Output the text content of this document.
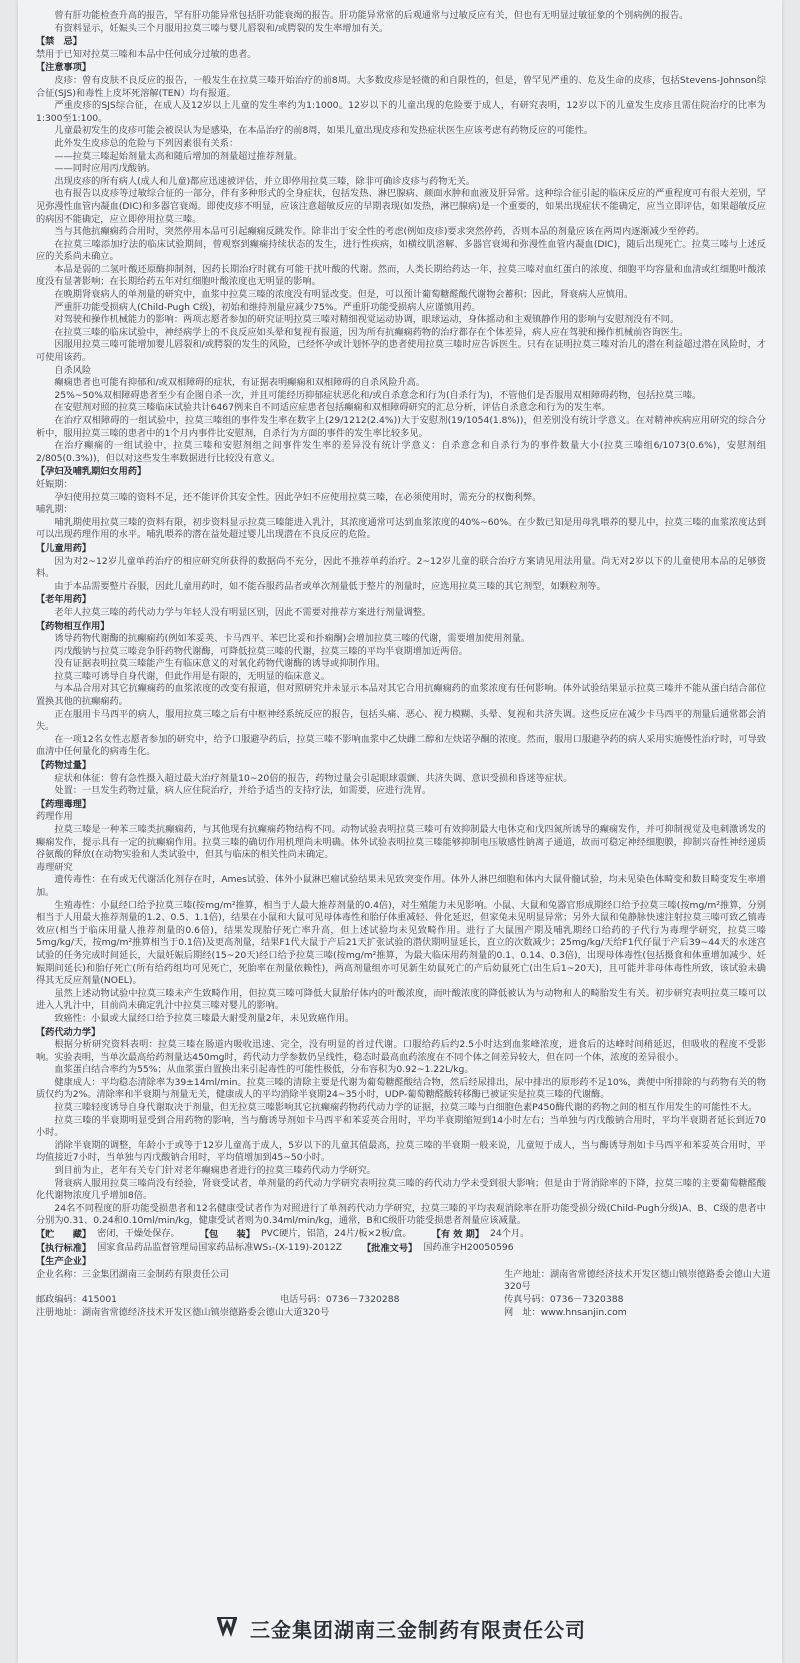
曾有肝功能检查升高的报告，罕有肝功能异常包括肝功能衰竭的报告。肝功能异常常的后观通常与过敏反应有关，但也有无明显过敏征象的个别病例的报告。

有资料显示，妊娠头三个月服用拉莫三嗪与婴儿唇裂和/或腭裂的发生率增加有关。

【禁　忌】

禁用于已知对拉莫三嗪和本品中任何成分过敏的患者。

【注意事项】

皮疹：曾有皮肤不良反应的报告，一般发生在拉莫三嗪开始治疗的前8周。大多数皮疹是轻微的和自限性的，但是，曾罕见严重的、危及生命的皮疹，包括Stevens-Johnson综合征(SJS)和毒性上皮坏死溶解(TEN）均有报道。

严重皮疹的SJS综合征，在成人及12岁以上儿童的发生率约为1:1000。12岁以下的儿童出现的危险要于成人，有研究表明，12岁以下的儿童发生皮疹且需住院治疗的比率为1:300至1:100。

儿童最初发生的皮疹可能会被误认为是感染，在本品治疗的前8周，如果儿童出现皮疹和发热症状医生应该考虑有药物反应的可能性。

此外发生皮疹总的危险与下列因素很有关系：

——拉莫三嗪起始剂量太高和随后增加的剂量超过推荐剂量。

——同时应用丙戊酸钠。

出现皮疹的所有病人(成人和儿童)都应迅速被评估，并立即停用拉莫三嗪，除非可确诊皮疹与药物无关。

也有报告以皮疹等过敏综合征的一部分，伴有多种形式的全身症状，包括发热、淋巴腺病、颜面水肿和血液及肝异常。这种综合征引起的临床反应的严重程度可有很大差别，罕见弥漫性血管内凝血(DIC)和多器官衰竭。即使皮疹不明显，应该注意超敏反应的早期表现(如发热，淋巴腺病)是一个重要的，如果出现症状不能确定，应当立即评估，如果超敏反应的病因不能确定，应立即停用拉莫三嗪。

当与其他抗癫痫药合用时，突然停用本品可引起癫痫反跳发作。除非出于安全性的考虑(例如皮疹)要求突然停药，否则本品的剂量应该在两周内逐渐减少至停药。

在拉莫三嗪添加疗法的临床试验期间，曾观察到癫痫持续状态的发生，进行性疾病，如横纹肌溶解、多器官衰竭和弥漫性血管内凝血(DIC)，随后出现死亡。拉莫三嗪与上述反应的关系尚未确立。

本品是弱的二氢叶酸还原酶抑制剂，因药长期治疗时就有可能干扰叶酸的代谢。然而，人类长期给药达一年，拉莫三嗪对血红蛋白的浓度、细胞平均容量和血清或红细胞叶酸浓度没有显著影响；在长期给药五年对红细胞叶酸浓度也无明显的影响。

在晚期肾衰病人的单剂量的研究中，血浆中拉莫三嗪的浓度没有明显改变。但是，可以预计葡萄糖醛酸代谢物会蓄积；因此，肾衰病人应慎用。

严重肝功能受损病人(Child-Pugh C级)，初始和维持剂量应减少75%。严重肝功能受损病人应谨慎用药。

对驾驶和操作机械能力的影响：两项志愿者参加的研究证明拉莫三嗪对精细视觉运动协调，眼球运动，身体摇动和主观镇静作用的影响与安慰剂没有不同。

在拉莫三嗪的临床试验中，神经病学上的不良反应如头晕和复视有报道，因为所有抗癫痫药物的治疗都存在个体差异，病人应在驾驶和操作机械前咨询医生。

因服用拉莫三嗪可能增加婴儿唇裂和/或腭裂的发生的风险，已经怀孕或计划怀孕的患者使用拉莫三嗪时应告诉医生。只有在证明拉莫三嗪对治儿的潜在利益超过潜在风险时，才可使用该药。

自杀风险

癫痫患者也可能有抑郁和/或双相障碍的症状，有证据表明癫痫和双相障碍的自杀风险升高。

25%~50%双相障碍患者至少有企图自杀一次，并且可能经历抑郁症状恶化和/或自杀意念和行为(自杀行为)，不管他们是否服用双相障碍药物，包括拉莫三嗪。

在安慰剂对照的拉莫三嗪临床试验共计6467例来自不同适应症患者包括癫痫和双相障碍研究的汇总分析，评估自杀意念和行为的发生率。

在治疗双相障碍的一组试验中，拉莫三嗪组的事件发生率在数字上(29/1212(2.4%))大于安慰剂(19/1054(1.8%))，但差别没有统计学意义。在对精神疾病应用研究的综合分析中，服用拉莫三嗪的患者中的1个月内事件比安慰剂，自杀行为方面的事件的发生率比较多见。

在治疗癫痫的一组试验中，拉莫三嗪和安慰剂组之间事件发生率的差异没有统计学意义：自杀意念和自杀行为的事件数量大小(拉莫三嗪组6/1073(0.6%)，安慰剂组2/805(0.3%))，但以对这些发生率数据进行比较没有意义。

【孕妇及哺乳期妇女用药】

妊娠期：

孕妇使用拉莫三嗪的资料不足，还不能评价其安全性。因此孕妇不应使用拉莫三嗪，在必须使用时，需充分的权衡利弊。

哺乳期：

哺乳期使用拉莫三嗪的资料有限，初步资料显示拉莫三嗪能进入乳汁，其浓度通常可达到血浆浓度的40%~60%。在少数已知是用母乳喂养的婴儿中，拉莫三嗪的血浆浓度达到可以出现药理作用的水平。哺乳喂养的潜在益处超过婴儿出现潜在不良反应的危险。

【儿童用药】

因为对2~12岁儿童单药治疗的相应研究所获得的数据尚不充分，因此不推荐单药治疗。2~12岁儿童的联合治疗方案请见用法用量。尚无对2岁以下的儿童使用本品的足够资料。

由于本品需要整片吞服，因此儿童用药时，如不能吞服药品者或单次剂量低于整片的剂量时，应选用拉莫三嗪的其它剂型，如颗粒剂等。

【老年用药】

老年人拉莫三嗪的药代动力学与年轻人没有明显区别，因此不需要对推荐方案进行剂量调整。

【药物相互作用】

诱导药物代谢酶的抗癫痫药(例如苯妥英、卡马西平、苯巴比妥和扑痫酮)会增加拉莫三嗪的代谢，需要增加使用剂量。

丙戊酸钠与拉莫三嗪竞争肝药物代谢酶，可降低拉莫三嗪的代谢，拉莫三嗪的平均半衰期增加近两倍。

没有证据表明拉莫三嗪能产生有临床意义的对氧化药物代谢酶的诱导或抑制作用。

拉莫三嗪可诱导自身代谢，但此作用是有限的，无明显的临床意义。

与本品合用对其它抗癫痫药的血浆浓度的改变有报道，但对照研究并未显示本品对其它合用抗癫痫药的血浆浓度有任何影响。体外试验结果显示拉莫三嗪并不能从蛋白结合部位置换其他的抗癫痫药。

正在服用卡马西平的病人，服用拉莫三嗪之后有中枢神经系统反应的报告，包括头痛、恶心、视力模糊、头晕、复视和共济失调。这些反应在减少卡马西平的剂量后通常都会消失。

在一项12名女性志愿者参加的研究中，给予口服避孕药后，拉莫三嗪不影响血浆中乙炔雌二醇和左炔诺孕酮的浓度。然而，服用口服避孕药的病人采用实施慢性治疗时，可导致血清中任何量化的病毒生化。

【药物过量】

症状和体征：曾有急性摄入超过最大治疗剂量10~20倍的报告，药物过量会引起眼球震颤、共济失调、意识受损和昏迷等症状。

处置：一旦发生药物过量，病人应住院治疗，并给予适当的支持疗法，如需要，应进行洗胃。

【药理毒理】

药理作用

拉莫三嗪是一种苯三嗪类抗癫痫药，与其他现有抗癫痫药物结构不同。动物试验表明拉莫三嗪可有效抑制最大电休克和戊四氮所诱导的癫痫发作，并可抑制视觉及电刺激诱发的癫痫发作，提示具有一定的抗癫痫作用。拉莫三嗪的确切作用机理尚未明确。体外试验表明拉莫三嗪能够抑制电压敏感性钠离子通道，故而可稳定神经细胞膜，抑制兴奋性神经递质谷氨酸的释放(在动物实验和人类试验中，但其与临床的相关性尚未确定。

毒理研究

遗传毒性：在有或无代谢活化剂存在时，Ames试验、体外小鼠淋巴瘤试验结果未见致突变作用。体外人淋巴细胞和体内大鼠骨髓试验，均未见染色体畸变和数目畸变发生率增加。

生殖毒性：小鼠经口给予拉莫三嗪(按mg/m²推算，相当于人最大推荐剂量的0.4倍)，对生殖能力未见影响。小鼠、大鼠和兔器官形成期经口给予拉莫三嗪(按mg/m²推算，分别相当于人用最大推荐剂量的1.2、0.5、1.1倍)，结果在小鼠和大鼠可见母体毒性和胎仔体重减轻、骨化延迟，但家兔未见明显异常；另外大鼠和兔静脉快速注射拉莫三嗪可致乙镇毒效应(相当于临床用量人推荐剂量的0.6倍)，结果发现胎仔死亡率升高，但上述试验均未见致畸作用。进行了大鼠围产期及哺乳期经口给药的子代行为毒理学研究，拉莫三嗪5mg/kg/天，按mg/m²推算相当于0.1倍)及更高剂量，结果F1代大鼠于产后21天扩张试验的潜伏期明显延长，直立的次数减少；25mg/kg/天给F1代仔鼠于产后39~44天的水迷宫试验的任务完成时间延长，大鼠妊娠后期经(15~20天)经口给予拉莫三嗪(按mg/m²推算，为最大临床用药剂量的0.1、0.14、0.3倍)，出现母体毒性(包括摄食和体重增加减少、妊娠期间延长)和胎仔死亡(所有给药组均可见死亡，死胎率在剂量依赖性)，两高剂量组亦可见新生幼鼠死亡的产后幼鼠死亡(出生后1~20天)，且可能并非母体毒性所致，该试验未确得其无反应剂量(NOEL)。

虽然上述动物试验中拉莫三嗪未产生致畸作用，但拉莫三嗪可降低大鼠胎仔体内的叶酸浓度，而叶酸浓度的降低被认为与动物和人的畸胎发生有关。初步研究表明拉莫三嗪可以进入人乳汁中，目前尚未确定乳汁中拉莫三嗪对婴儿的影响。

致癌性：小鼠或大鼠经口给予拉莫三嗪最大耐受剂量2年，未见致癌作用。

【药代动力学】

根据分析研究资料表明：拉莫三嗪在肠道内吸收迅速、完全，没有明显的首过代谢。口服给药后约2.5小时达到血浆峰浓度，进食后的达峰时间稍延迟，但吸收的程度不受影响。实验表明，当单次最高给药剂量达450mg时，药代动力学参数仍呈线性，稳态时最高血药浓度在不同个体之间差异较大，但在同一个体，浓度的差异很小。

血浆蛋白结合率约为55%；从血浆蛋白置换出来引起毒性的可能性极低，分布容积为0.92~1.22L/kg。

健康成人：平均稳态清除率为39±14ml/min。拉莫三嗪的清除主要是代谢为葡萄糖醛酸结合物，然后经尿排出，尿中排出的原形药不足10%，粪便中所排除的与药物有关的物质仅约为2%。清除率和半衰期与剂量无关，健康成人的平均消除半衰期24~35小时，UDP-葡萄糖醛酸转移酶已被证实是拉莫三嗪的代谢酶。

拉莫三嗪轻度诱导自身代谢取决于剂量，但无拉莫三嗪影响其它抗癫痫药物药代动力学的证据，拉莫三嗪与白细胞色素P450酶代谢的药物之间的相互作用发生的可能性不大。

拉莫三嗪的半衰期明显受到合用药物的影响，当与酶诱导剂如卡马西平和苯妥英合用时，平均半衰期缩短到14小时左右；当单独与丙戊酸钠合用时，平均半衰期者延长到近70小时。

消除半衰期的调整，年龄小于或等于12岁儿童高于成人，5岁以下的儿童其值最高，拉莫三嗪的半衰期一般来说，儿童短于成人，当与酶诱导剂如卡马西平和苯妥英合用时，平均值接近7小时，当单独与丙戊酸钠合用时，平均值增加到45~50小时。

到目前为止，老年有关专门针对老年癫痫患者进行的拉莫三嗪药代动力学研究。

肾衰病人服用拉莫三嗪尚没有经验，肾衰受试者，单剂量的药代动力学研究表明拉莫三嗪的药代动力学未受到很大影响；但是由于肾消除率的下降，拉莫三嗪的主要葡萄糖醛酸化代谢物浓度几乎增加8倍。

24名不同程度的肝功能受损患者和12名健康受试者作为对照进行了单剂药代动力学研究，拉莫三嗪的平均表观消除率在肝功能受损分级(Child-Pugh分级)A、B、C级的患者中分别为0.31、0.24和0.10ml/min/kg，健康受试者则为0.34ml/min/kg，通常，B和C级肝功能受损患者剂量应该减量。

【贮　　藏】 密闭，干燥处保存。 【包　　装】 PVC硬片，铝箔，24片/板×2板/盒。 【有 效 期】 24个月。
【执行标准】 国家食品药品监督管理局国家药品标准WS₁-(X-119)-2012Z 【批准文号】 国药准字H20050596

【生产企业】

企业名称：三金集团湖南三金制药有限责任公司	生产地址：湖南省常德经济技术开发区德山镇崇德路委会德山大道320号
邮政编码：415001	电话号码：0736－7320288	传真号码：0736－7320388
注册地址：湖南省常德经济技术开发区德山镇崇德路委会德山大道320号	网　址：www.hnsanjin.com
三金集团湖南三金制药有限责任公司
